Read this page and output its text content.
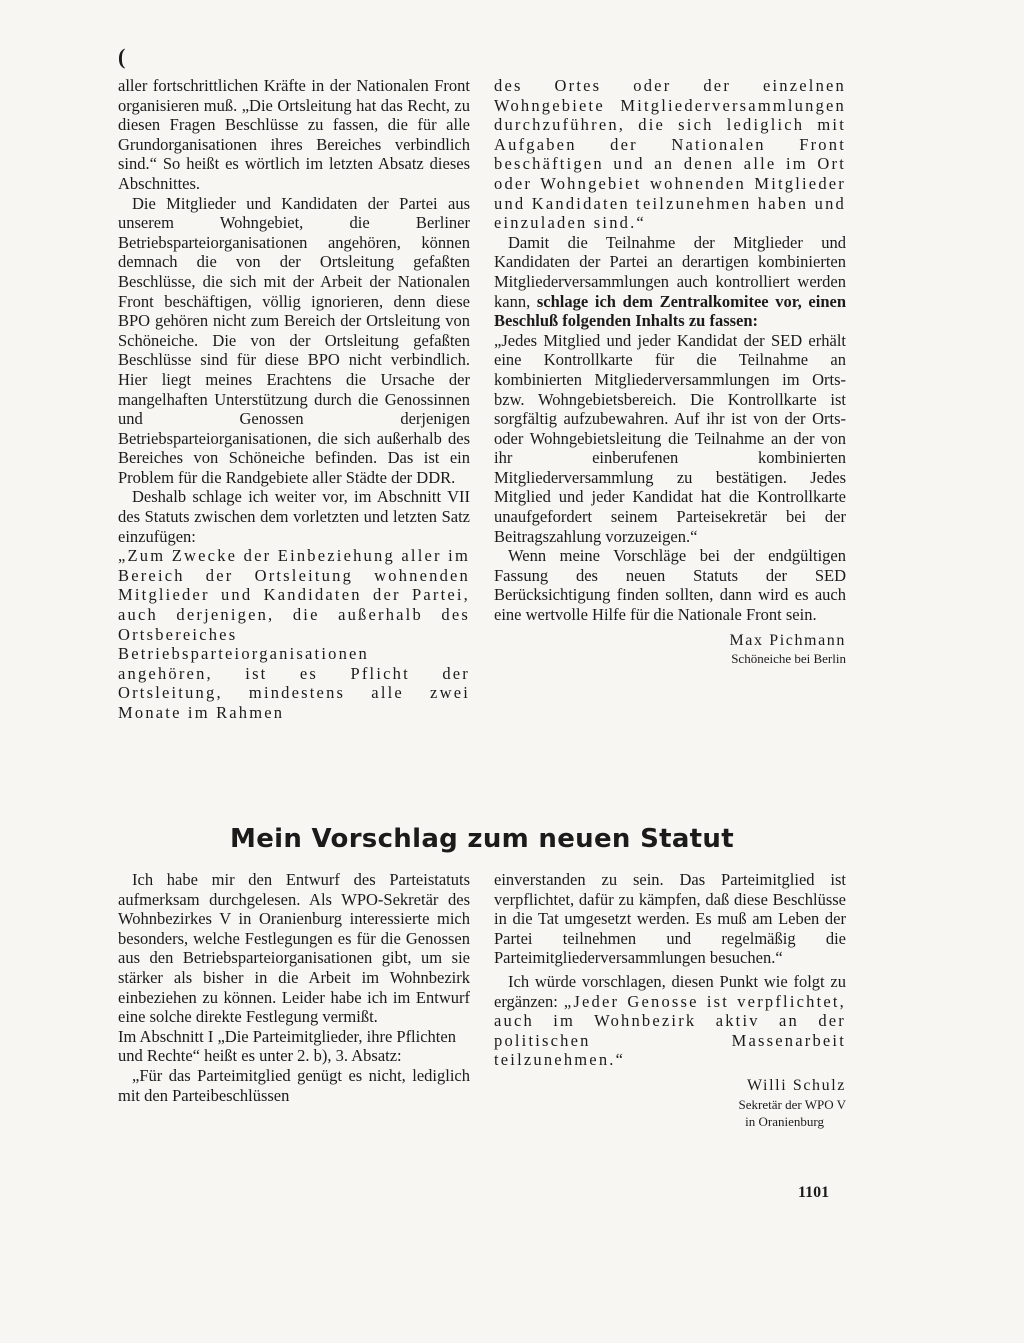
(

aller fortschrittlichen Kräfte in der Nationalen Front organisieren muß. „Die Ortsleitung hat das Recht, zu diesen Fragen Beschlüsse zu fassen, die für alle Grundorganisationen ihres Bereiches verbindlich sind.“ So heißt es wörtlich im letzten Absatz dieses Abschnittes.

Die Mitglieder und Kandidaten der Partei aus unserem Wohngebiet, die Berliner Betriebsparteiorganisationen angehören, können demnach die von der Ortsleitung gefaßten Beschlüsse, die sich mit der Arbeit der Nationalen Front beschäftigen, völlig ignorieren, denn diese BPO gehören nicht zum Bereich der Ortsleitung von Schöneiche. Die von der Ortsleitung gefaßten Beschlüsse sind für diese BPO nicht verbindlich. Hier liegt meines Erachtens die Ursache der mangelhaften Unterstützung durch die Genossinnen und Genossen derjenigen Betriebsparteiorganisationen, die sich außerhalb des Bereiches von Schöneiche befinden. Das ist ein Problem für die Randgebiete aller Städte der DDR.

Deshalb schlage ich weiter vor, im Abschnitt VII des Statuts zwischen dem vorletzten und letzten Satz einzufügen:

„Zum Zwecke der Einbeziehung aller im Bereich der Ortsleitung wohnenden Mitglieder und Kandidaten der Partei, auch derjenigen, die außerhalb des Ortsbereiches Betriebsparteiorganisationen angehören, ist es Pflicht der Ortsleitung, mindestens alle zwei Monate im Rahmen

des Ortes oder der einzelnen Wohngebiete Mitgliederversammlungen durchzuführen, die sich lediglich mit Aufgaben der Nationalen Front beschäftigen und an denen alle im Ort oder Wohngebiet wohnenden Mitglieder und Kandidaten teilzunehmen haben und einzuladen sind.“

Damit die Teilnahme der Mitglieder und Kandidaten der Partei an derartigen kombinierten Mitgliederversammlungen auch kontrolliert werden kann, schlage ich dem Zentralkomitee vor, einen Beschluß folgenden Inhalts zu fassen:

„Jedes Mitglied und jeder Kandidat der SED erhält eine Kontrollkarte für die Teilnahme an kombinierten Mitgliederversammlungen im Orts- bzw. Wohngebietsbereich. Die Kontrollkarte ist sorgfältig aufzubewahren. Auf ihr ist von der Orts- oder Wohngebietsleitung die Teilnahme an der von ihr einberufenen kombinierten Mitgliederversammlung zu bestätigen. Jedes Mitglied und jeder Kandidat hat die Kontrollkarte unaufgefordert seinem Parteisekretär bei der Beitragszahlung vorzuzeigen.“

Wenn meine Vorschläge bei der endgültigen Fassung des neuen Statuts der SED Berücksichtigung finden sollten, dann wird es auch eine wertvolle Hilfe für die Nationale Front sein.

Max Pichmann
Schöneiche bei Berlin
Mein Vorschlag zum neuen Statut

Ich habe mir den Entwurf des Parteistatuts aufmerksam durchgelesen. Als WPO-Sekretär des Wohnbezirkes V in Oranienburg interessierte mich besonders, welche Festlegungen es für die Genossen aus den Betriebsparteiorganisationen gibt, um sie stärker als bisher in die Arbeit im Wohnbezirk einbeziehen zu können. Leider habe ich im Entwurf eine solche direkte Festlegung vermißt.

Im Abschnitt I „Die Parteimitglieder, ihre Pflichten und Rechte“ heißt es unter 2. b), 3. Absatz:

„Für das Parteimitglied genügt es nicht, lediglich mit den Parteibeschlüssen

einverstanden zu sein. Das Parteimitglied ist verpflichtet, dafür zu kämpfen, daß diese Beschlüsse in die Tat umgesetzt werden. Es muß am Leben der Partei teilnehmen und regelmäßig die Parteimitgliederversammlungen besuchen.“

Ich würde vorschlagen, diesen Punkt wie folgt zu ergänzen: „Jeder Genosse ist verpflichtet, auch im Wohnbezirk aktiv an der politischen Massenarbeit teilzunehmen.“

Willi Schulz
Sekretär der WPO V
in Oranienburg
1101
